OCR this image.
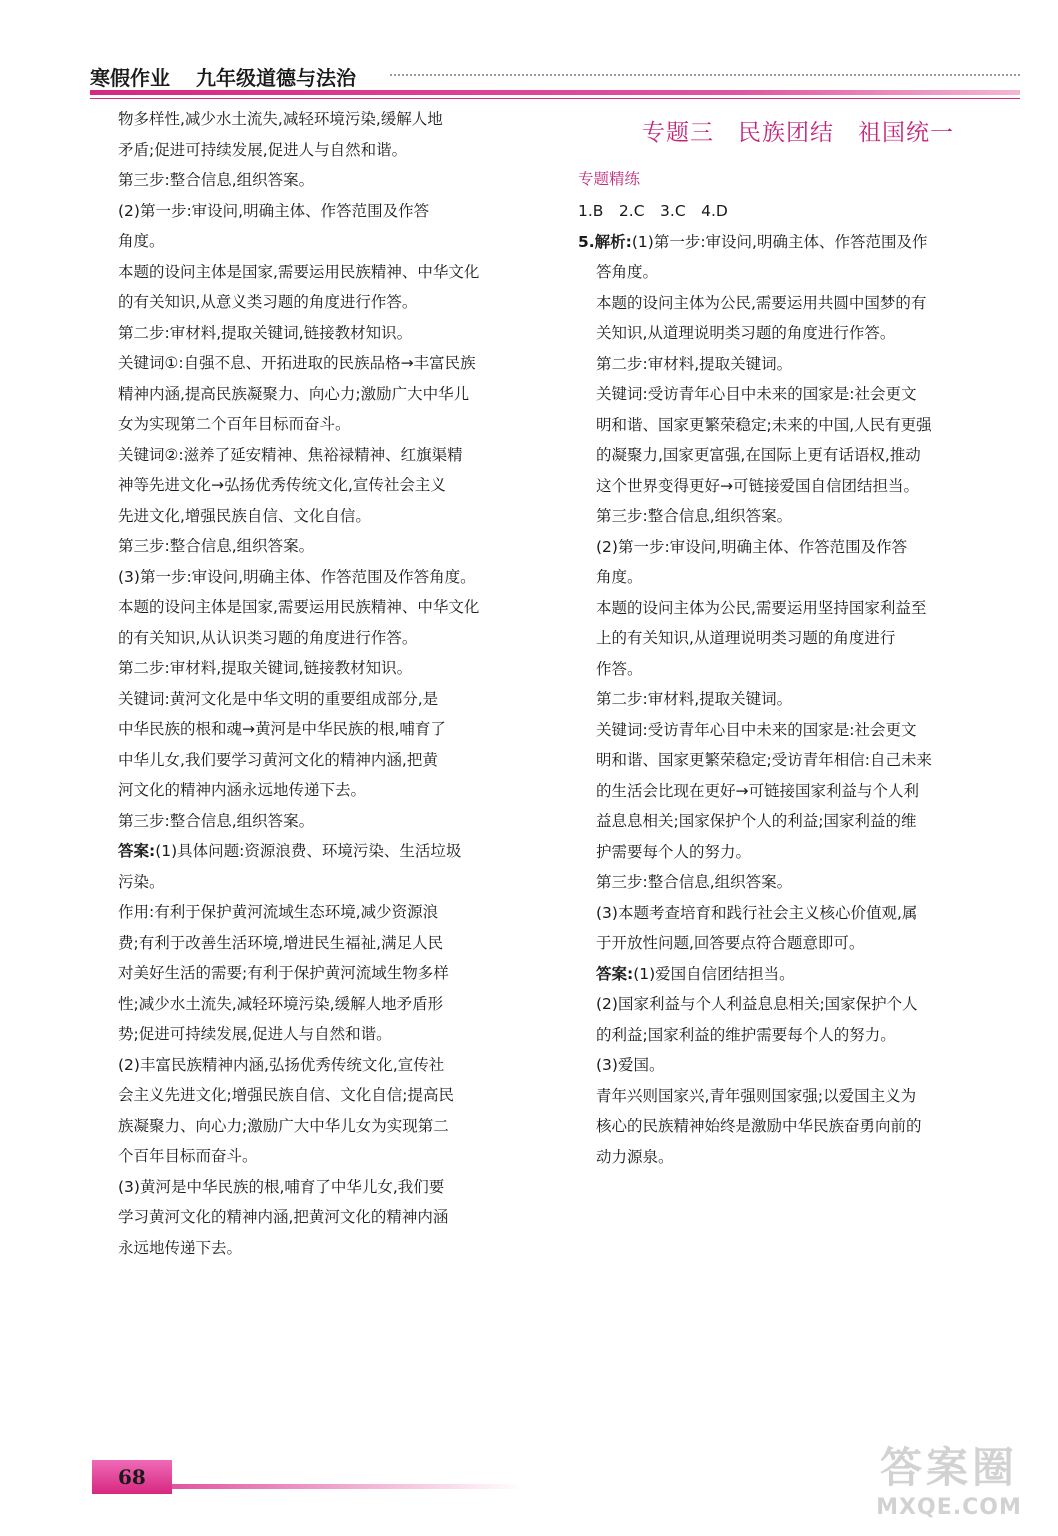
寒假作业 九年级道德与法治
物多样性,减少水土流失,减轻环境污染,缓解人地
矛盾;促进可持续发展,促进人与自然和谐。
第三步:整合信息,组织答案。
(2)第一步:审设问,明确主体、作答范围及作答
角度。
本题的设问主体是国家,需要运用民族精神、中华文化
的有关知识,从意义类习题的角度进行作答。
第二步:审材料,提取关键词,链接教材知识。
关键词①:自强不息、开拓进取的民族品格→丰富民族
精神内涵,提高民族凝聚力、向心力;激励广大中华儿
女为实现第二个百年目标而奋斗。
关键词②:滋养了延安精神、焦裕禄精神、红旗渠精
神等先进文化→弘扬优秀传统文化,宣传社会主义
先进文化,增强民族自信、文化自信。
第三步:整合信息,组织答案。
(3)第一步:审设问,明确主体、作答范围及作答角度。
本题的设问主体是国家,需要运用民族精神、中华文化
的有关知识,从认识类习题的角度进行作答。
第二步:审材料,提取关键词,链接教材知识。
关键词:黄河文化是中华文明的重要组成部分,是
中华民族的根和魂→黄河是中华民族的根,哺育了
中华儿女,我们要学习黄河文化的精神内涵,把黄
河文化的精神内涵永远地传递下去。
第三步:整合信息,组织答案。
答案:(1)具体问题:资源浪费、环境污染、生活垃圾
污染。
作用:有利于保护黄河流域生态环境,减少资源浪
费;有利于改善生活环境,增进民生福祉,满足人民
对美好生活的需要;有利于保护黄河流域生物多样
性;减少水土流失,减轻环境污染,缓解人地矛盾形
势;促进可持续发展,促进人与自然和谐。
(2)丰富民族精神内涵,弘扬优秀传统文化,宣传社
会主义先进文化;增强民族自信、文化自信;提高民
族凝聚力、向心力;激励广大中华儿女为实现第二
个百年目标而奋斗。
(3)黄河是中华民族的根,哺育了中华儿女,我们要
学习黄河文化的精神内涵,把黄河文化的精神内涵
永远地传递下去。
专题三　民族团结　祖国统一
专题精练
1.B　2.C　3.C　4.D
5.解析:(1)第一步:审设问,明确主体、作答范围及作
答角度。
本题的设问主体为公民,需要运用共圆中国梦的有
关知识,从道理说明类习题的角度进行作答。
第二步:审材料,提取关键词。
关键词:受访青年心目中未来的国家是:社会更文
明和谐、国家更繁荣稳定;未来的中国,人民有更强
的凝聚力,国家更富强,在国际上更有话语权,推动
这个世界变得更好→可链接爱国自信团结担当。
第三步:整合信息,组织答案。
(2)第一步:审设问,明确主体、作答范围及作答
角度。
本题的设问主体为公民,需要运用坚持国家利益至
上的有关知识,从道理说明类习题的角度进行
作答。
第二步:审材料,提取关键词。
关键词:受访青年心目中未来的国家是:社会更文
明和谐、国家更繁荣稳定;受访青年相信:自己未来
的生活会比现在更好→可链接国家利益与个人利
益息息相关;国家保护个人的利益;国家利益的维
护需要每个人的努力。
第三步:整合信息,组织答案。
(3)本题考查培育和践行社会主义核心价值观,属
于开放性问题,回答要点符合题意即可。
答案:(1)爱国自信团结担当。
(2)国家利益与个人利益息息相关;国家保护个人
的利益;国家利益的维护需要每个人的努力。
(3)爱国。
青年兴则国家兴,青年强则国家强;以爱国主义为
核心的民族精神始终是激励中华民族奋勇向前的
动力源泉。
68	答案圈
MXQE.COM
